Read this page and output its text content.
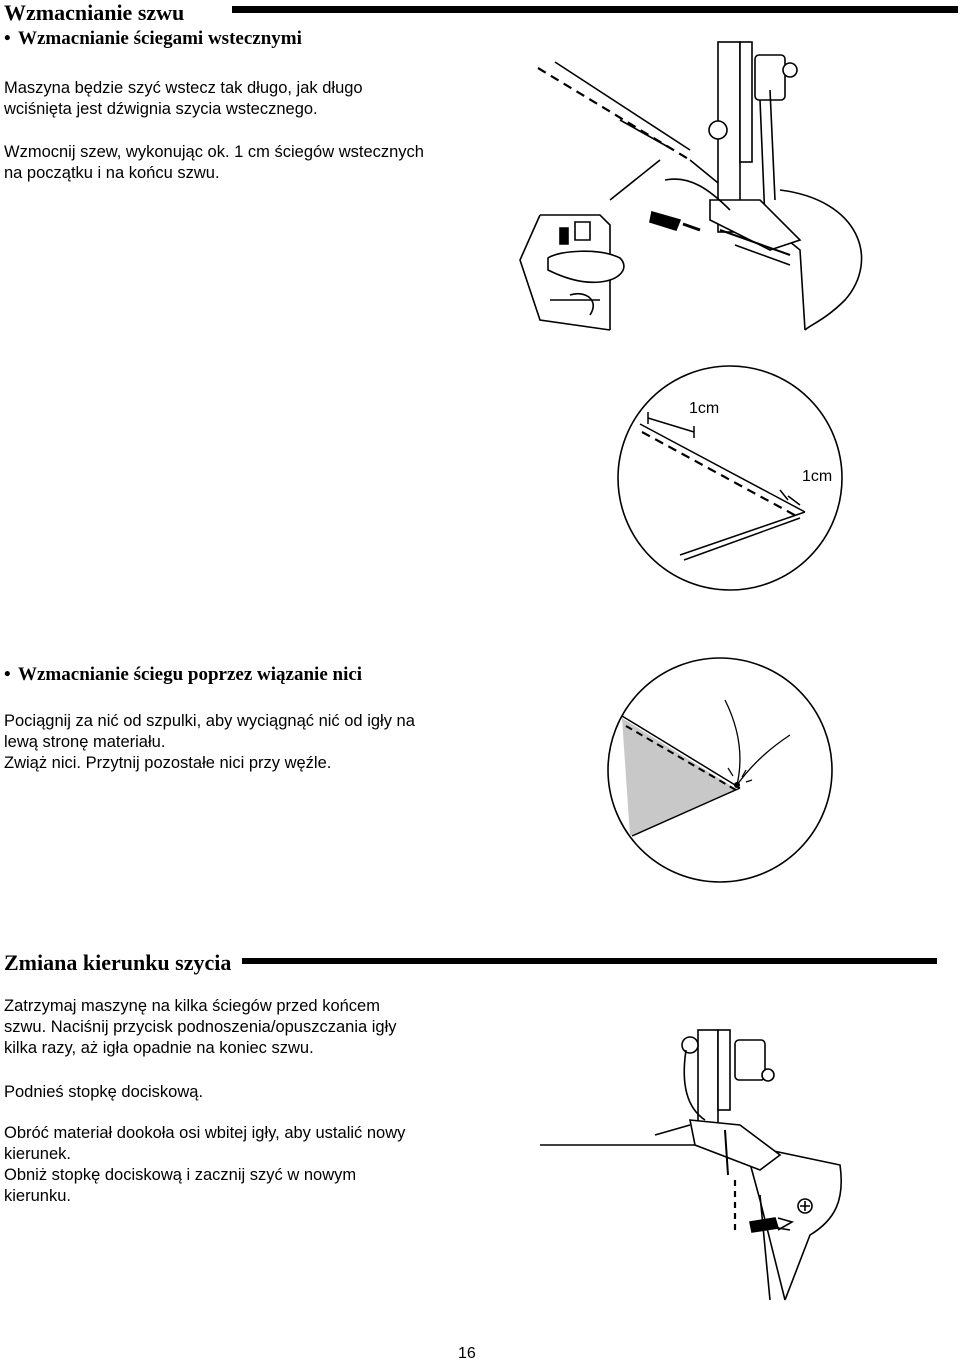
Wzmacnianie szwu
• Wzmacnianie ściegami wstecznymi
Maszyna będzie szyć wstecz tak długo, jak długo
wciśnięta jest dźwignia szycia wstecznego.
Wzmocnij szew, wykonując ok. 1 cm ściegów wstecznych
na początku i na końcu szwu.
1cm
1cm
• Wzmacnianie ściegu poprzez wiązanie nici
Pociągnij za nić od szpulki, aby wyciągnąć nić od igły na
lewą stronę materiału.
Zwiąż nici. Przytnij pozostałe nici przy węźle.
Zmiana kierunku szycia
Zatrzymaj maszynę na kilka ściegów przed końcem
szwu. Naciśnij przycisk podnoszenia/opuszczania igły
kilka razy, aż igła opadnie na koniec szwu.
Podnieś stopkę dociskową.
Obróć materiał dookoła osi wbitej igły, aby ustalić nowy
kierunek.
Obniż stopkę dociskową i zacznij szyć w nowym
kierunku.
16
